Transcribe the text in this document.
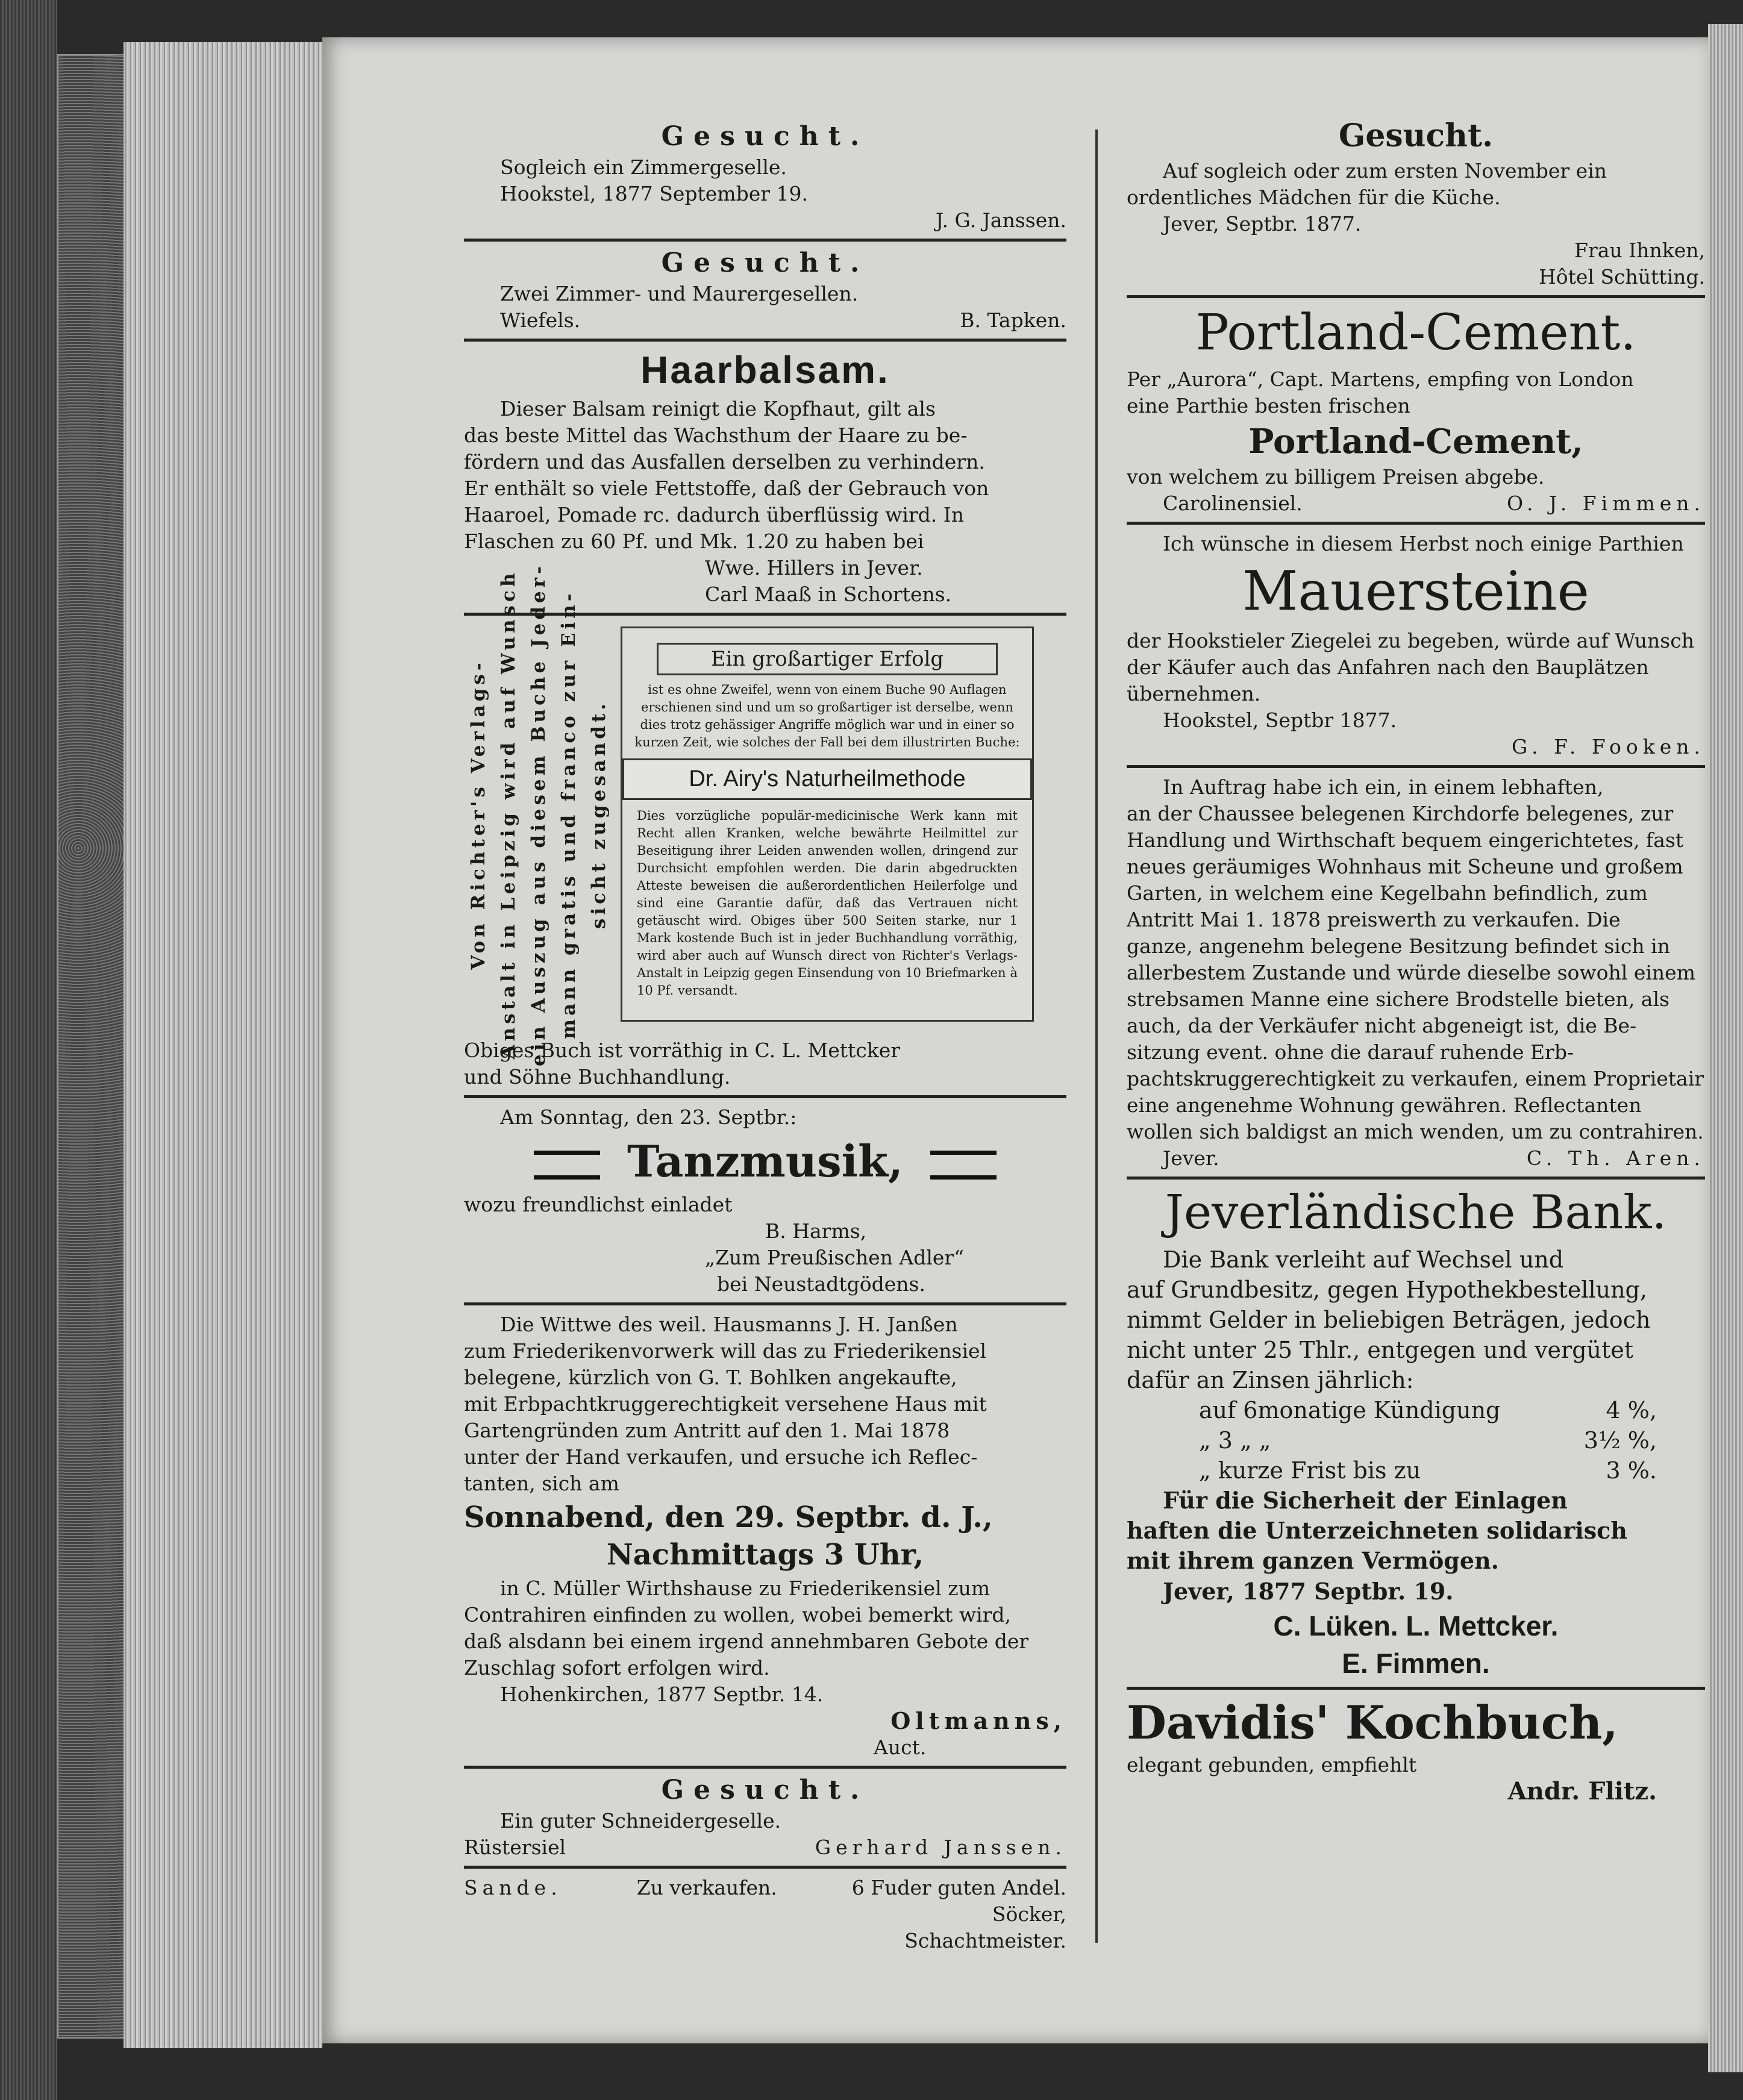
Gesucht.
Sogleich ein Zimmergeselle.
Hookstel, 1877 September 19.
J. G. Janssen.
Gesucht.
Zwei Zimmer- und Maurergesellen.
Wiefels.	B. Tapken.
Haarbalsam.
Dieser Balsam reinigt die Kopfhaut, gilt als
das beste Mittel das Wachsthum der Haare zu be-
fördern und das Ausfallen derselben zu verhindern.
Er enthält so viele Fettstoffe, daß der Gebrauch von
Haaroel, Pomade rc. dadurch überflüssig wird. In
Flaschen zu 60 Pf. und Mk. 1.20 zu haben bei
Wwe. Hillers in Jever.
Carl Maaß in Schortens.
Von Richter's Verlags- Anstalt in Leipzig wird auf Wunsch ein Auszug aus diesem Buche Jeder- mann gratis und franco zur Ein- sicht zugesandt.
Ein großartiger Erfolg
ist es ohne Zweifel, wenn von einem Buche 90 Auflagen erschienen sind und um so großartiger ist derselbe, wenn dies trotz gehässiger Angriffe möglich war und in einer so kurzen Zeit, wie solches der Fall bei dem illustrirten Buche:
Dr. Airy's Naturheilmethode
Dies vorzügliche populär-medicinische Werk kann mit Recht allen Kranken, welche bewährte Heilmittel zur Beseitigung ihrer Leiden anwenden wollen, dringend zur Durchsicht empfohlen werden. Die darin abgedruckten Atteste beweisen die außerordentlichen Heilerfolge und sind eine Garantie dafür, daß das Vertrauen nicht getäuscht wird. Obiges über 500 Seiten starke, nur 1 Mark kostende Buch ist in jeder Buchhandlung vorräthig, wird aber auch auf Wunsch direct von Richter's Verlags-Anstalt in Leipzig gegen Einsendung von 10 Briefmarken à 10 Pf. versandt.
Obiges Buch ist vorräthig in C. L. Mettcker
und Söhne Buchhandlung.
Am Sonntag, den 23. Septbr.:
Tanzmusik,
wozu freundlichst einladet
B. Harms,
„Zum Preußischen Adler“
bei Neustadtgödens.
Die Wittwe des weil. Hausmanns J. H. Janßen
zum Friederikenvorwerk will das zu Friederikensiel
belegene, kürzlich von G. T. Bohlken angekaufte,
mit Erbpachtkruggerechtigkeit versehene Haus mit
Gartengründen zum Antritt auf den 1. Mai 1878
unter der Hand verkaufen, und ersuche ich Reflec-
tanten, sich am
Sonnabend, den 29. Septbr. d. J.,
Nachmittags 3 Uhr,
in C. Müller Wirthshause zu Friederikensiel zum
Contrahiren einfinden zu wollen, wobei bemerkt wird,
daß alsdann bei einem irgend annehmbaren Gebote der
Zuschlag sofort erfolgen wird.
Hohenkirchen, 1877 Septbr. 14.
Oltmanns,
Auct.
Gesucht.
Ein guter Schneidergeselle.
Rüstersiel	Gerhard Janssen.
Sande.	Zu verkaufen.	6 Fuder guten Andel.
Söcker,
Schachtmeister.
Gesucht.
Auf sogleich oder zum ersten November ein
ordentliches Mädchen für die Küche.
Jever, Septbr. 1877.
Frau Ihnken,
Hôtel Schütting.
Portland-Cement.
Per „Aurora“, Capt. Martens, empfing von London
eine Parthie besten frischen
Portland-Cement,
von welchem zu billigem Preisen abgebe.
Carolinensiel.	O. J. Fimmen.
Ich wünsche in diesem Herbst noch einige Parthien
Mauersteine
der Hookstieler Ziegelei zu begeben, würde auf Wunsch
der Käufer auch das Anfahren nach den Bauplätzen
übernehmen.
Hookstel, Septbr 1877.
G. F. Fooken.
In Auftrag habe ich ein, in einem lebhaften,
an der Chaussee belegenen Kirchdorfe belegenes, zur
Handlung und Wirthschaft bequem eingerichtetes, fast
neues geräumiges Wohnhaus mit Scheune und großem
Garten, in welchem eine Kegelbahn befindlich, zum
Antritt Mai 1. 1878 preiswerth zu verkaufen. Die
ganze, angenehm belegene Besitzung befindet sich in
allerbestem Zustande und würde dieselbe sowohl einem
strebsamen Manne eine sichere Brodstelle bieten, als
auch, da der Verkäufer nicht abgeneigt ist, die Be-
sitzung event. ohne die darauf ruhende Erb-
pachtskruggerechtigkeit zu verkaufen, einem Proprietair
eine angenehme Wohnung gewähren. Reflectanten
wollen sich baldigst an mich wenden, um zu contrahiren.
Jever.	C. Th. Aren.
Jeverländische Bank.
Die Bank verleiht auf Wechsel und
auf Grundbesitz, gegen Hypothekbestellung,
nimmt Gelder in beliebigen Beträgen, jedoch
nicht unter 25 Thlr., entgegen und vergütet
dafür an Zinsen jährlich:
auf 6monatige Kündigung	4 %,
„ 3 „ „	3½ %,
„ kurze Frist bis zu	3 %.
Für die Sicherheit der Einlagen
haften die Unterzeichneten solidarisch
mit ihrem ganzen Vermögen.
Jever, 1877 Septbr. 19.
C. Lüken. L. Mettcker.
E. Fimmen.
Davidis' Kochbuch,
elegant gebunden, empfiehlt
Andr. Flitz.
